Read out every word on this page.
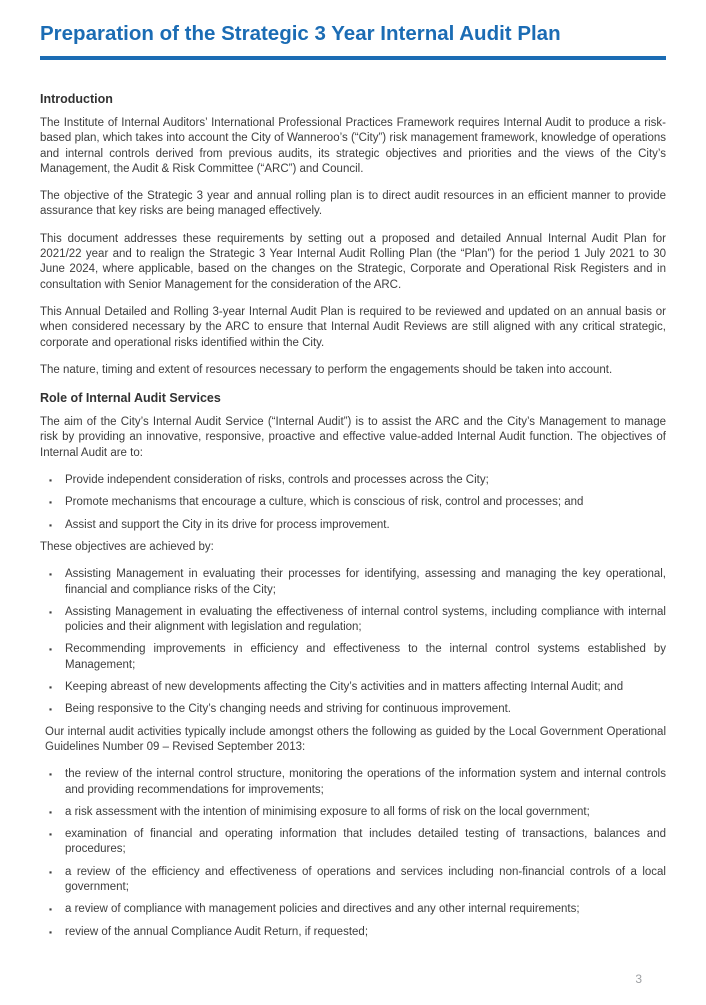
Preparation of the Strategic 3 Year Internal Audit Plan
Introduction

The Institute of Internal Auditors’ International Professional Practices Framework requires Internal Audit to produce a risk-based plan, which takes into account the City of Wanneroo’s (“City”) risk management framework, knowledge of operations and internal controls derived from previous audits, its strategic objectives and priorities and the views of the City’s Management, the Audit & Risk Committee (“ARC”) and Council.

The objective of the Strategic 3 year and annual rolling plan is to direct audit resources in an efficient manner to provide assurance that key risks are being managed effectively.

This document addresses these requirements by setting out a proposed and detailed Annual Internal Audit Plan for 2021/22 year and to realign the Strategic 3 Year Internal Audit Rolling Plan (the “Plan”) for the period 1 July 2021 to 30 June 2024, where applicable, based on the changes on the Strategic, Corporate and Operational Risk Registers and in consultation with Senior Management for the consideration of the ARC.

This Annual Detailed and Rolling 3-year Internal Audit Plan is required to be reviewed and updated on an annual basis or when considered necessary by the ARC to ensure that Internal Audit Reviews are still aligned with any critical strategic, corporate and operational risks identified within the City.

The nature, timing and extent of resources necessary to perform the engagements should be taken into account.

Role of Internal Audit Services

The aim of the City’s Internal Audit Service (“Internal Audit”) is to assist the ARC and the City’s Management to manage risk by providing an innovative, responsive, proactive and effective value-added Internal Audit function. The objectives of Internal Audit are to:

▪	Provide independent consideration of risks, controls and processes across the City;
▪	Promote mechanisms that encourage a culture, which is conscious of risk, control and processes; and
▪	Assist and support the City in its drive for process improvement.

These objectives are achieved by:

▪	Assisting Management in evaluating their processes for identifying, assessing and managing the key operational, financial and compliance risks of the City;
▪	Assisting Management in evaluating the effectiveness of internal control systems, including compliance with internal policies and their alignment with legislation and regulation;
▪	Recommending improvements in efficiency and effectiveness to the internal control systems established by Management;
▪	Keeping abreast of new developments affecting the City’s activities and in matters affecting Internal Audit; and
▪	Being responsive to the City’s changing needs and striving for continuous improvement.

Our internal audit activities typically include amongst others the following as guided by the Local Government Operational Guidelines Number 09 – Revised September 2013:

▪	the review of the internal control structure, monitoring the operations of the information system and internal controls and providing recommendations for improvements;
▪	a risk assessment with the intention of minimising exposure to all forms of risk on the local government;
▪	examination of financial and operating information that includes detailed testing of transactions, balances and procedures;
▪	a review of the efficiency and effectiveness of operations and services including non-financial controls of a local government;
▪	a review of compliance with management policies and directives and any other internal requirements;
▪	review of the annual Compliance Audit Return, if requested;
3
